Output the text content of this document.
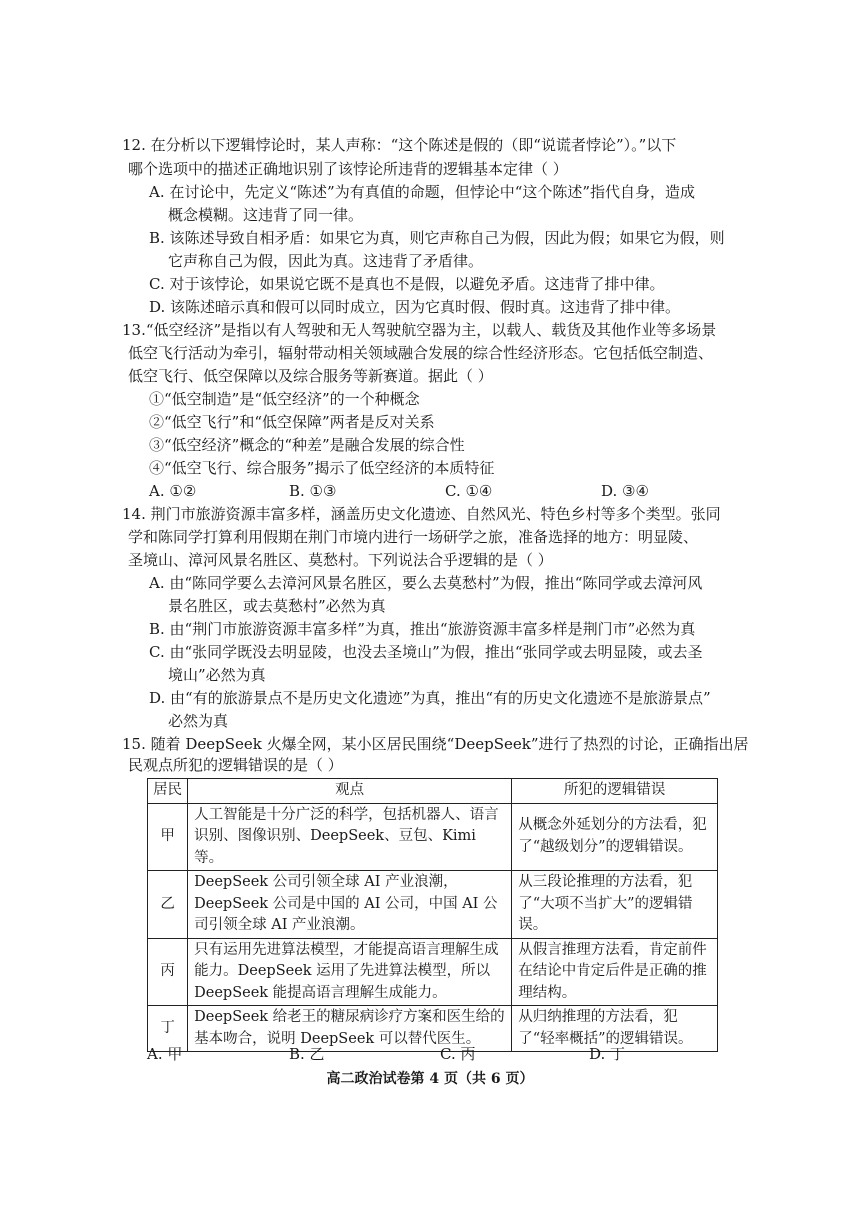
12. 在分析以下逻辑悖论时，某人声称：“这个陈述是假的（即“说谎者悖论”）。”以下
哪个选项中的描述正确地识别了该悖论所违背的逻辑基本定律（ ）
A. 在讨论中，先定义“陈述”为有真值的命题，但悖论中“这个陈述”指代自身，造成
概念模糊。这违背了同一律。
B. 该陈述导致自相矛盾：如果它为真，则它声称自己为假，因此为假；如果它为假，则
它声称自己为假，因此为真。这违背了矛盾律。
C. 对于该悖论，如果说它既不是真也不是假，以避免矛盾。这违背了排中律。
D. 该陈述暗示真和假可以同时成立，因为它真时假、假时真。这违背了排中律。
13.“低空经济”是指以有人驾驶和无人驾驶航空器为主，以载人、载货及其他作业等多场景
低空飞行活动为牵引，辐射带动相关领域融合发展的综合性经济形态。它包括低空制造、
低空飞行、低空保障以及综合服务等新赛道。据此（ ）
①“低空制造”是“低空经济”的一个种概念
②“低空飞行”和“低空保障”两者是反对关系
③“低空经济”概念的“种差”是融合发展的综合性
④“低空飞行、综合服务”揭示了低空经济的本质特征
A. ①②	B. ①③	C. ①④	D. ③④
14. 荆门市旅游资源丰富多样，涵盖历史文化遗迹、自然风光、特色乡村等多个类型。张同
学和陈同学打算利用假期在荆门市境内进行一场研学之旅，准备选择的地方：明显陵、
圣境山、漳河风景名胜区、莫愁村。下列说法合乎逻辑的是（ ）
A. 由“陈同学要么去漳河风景名胜区，要么去莫愁村”为假，推出“陈同学或去漳河风
景名胜区，或去莫愁村”必然为真
B. 由“荆门市旅游资源丰富多样”为真，推出“旅游资源丰富多样是荆门市”必然为真
C. 由“张同学既没去明显陵，也没去圣境山”为假，推出“张同学或去明显陵，或去圣
境山”必然为真
D. 由“有的旅游景点不是历史文化遗迹”为真，推出“有的历史文化遗迹不是旅游景点”
必然为真
15. 随着 DeepSeek 火爆全网，某小区居民围绕“DeepSeek”进行了热烈的讨论，正确指出居
民观点所犯的逻辑错误的是（ ）
居民	观点	所犯的逻辑错误
甲	人工智能是十分广泛的科学，包括机器人、语言识别、图像识别、DeepSeek、豆包、Kimi 等。	从概念外延划分的方法看，犯了“越级划分”的逻辑错误。
乙	DeepSeek 公司引领全球 AI 产业浪潮，DeepSeek 公司是中国的 AI 公司，中国 AI 公司引领全球 AI 产业浪潮。	从三段论推理的方法看，犯了“大项不当扩大”的逻辑错误。
丙	只有运用先进算法模型，才能提高语言理解生成能力。DeepSeek 运用了先进算法模型，所以 DeepSeek 能提高语言理解生成能力。	从假言推理方法看，肯定前件在结论中肯定后件是正确的推理结构。
丁	DeepSeek 给老王的糖尿病诊疗方案和医生给的基本吻合，说明 DeepSeek 可以替代医生。	从归纳推理的方法看，犯了“轻率概括”的逻辑错误。
A. 甲	B. 乙	C. 丙	D. 丁
高二政治试卷第 4 页（共 6 页）
